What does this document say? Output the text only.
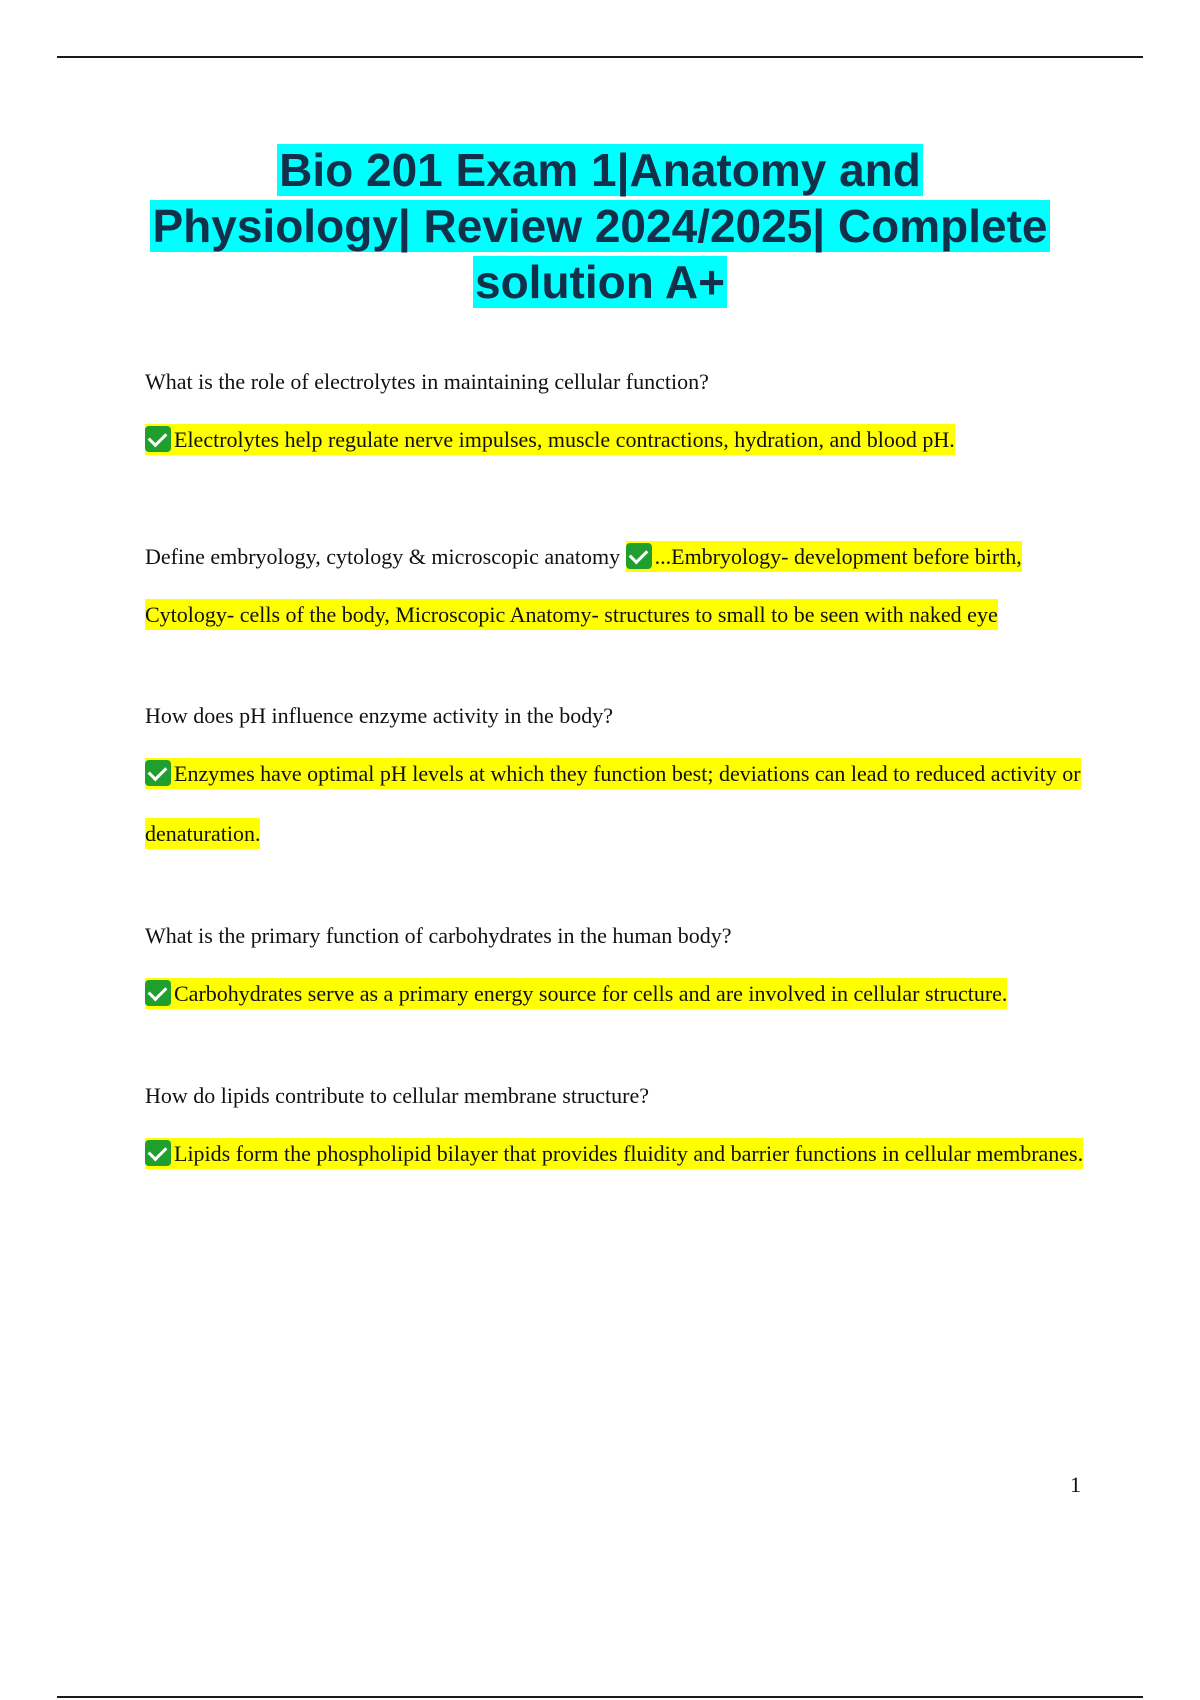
Bio 201 Exam 1|Anatomy and
Physiology| Review 2024/2025| Complete
solution A+

What is the role of electrolytes in maintaining cellular function?

Electrolytes help regulate nerve impulses, muscle contractions, hydration, and blood pH.

Define embryology, cytology & microscopic anatomy ...Embryology- development before birth, Cytology- cells of the body, Microscopic Anatomy- structures to small to be seen with naked eye

How does pH influence enzyme activity in the body?

Enzymes have optimal pH levels at which they function best; deviations can lead to reduced activity or denaturation.

What is the primary function of carbohydrates in the human body?

Carbohydrates serve as a primary energy source for cells and are involved in cellular structure.

How do lipids contribute to cellular membrane structure?

Lipids form the phospholipid bilayer that provides fluidity and barrier functions in cellular membranes.

1
